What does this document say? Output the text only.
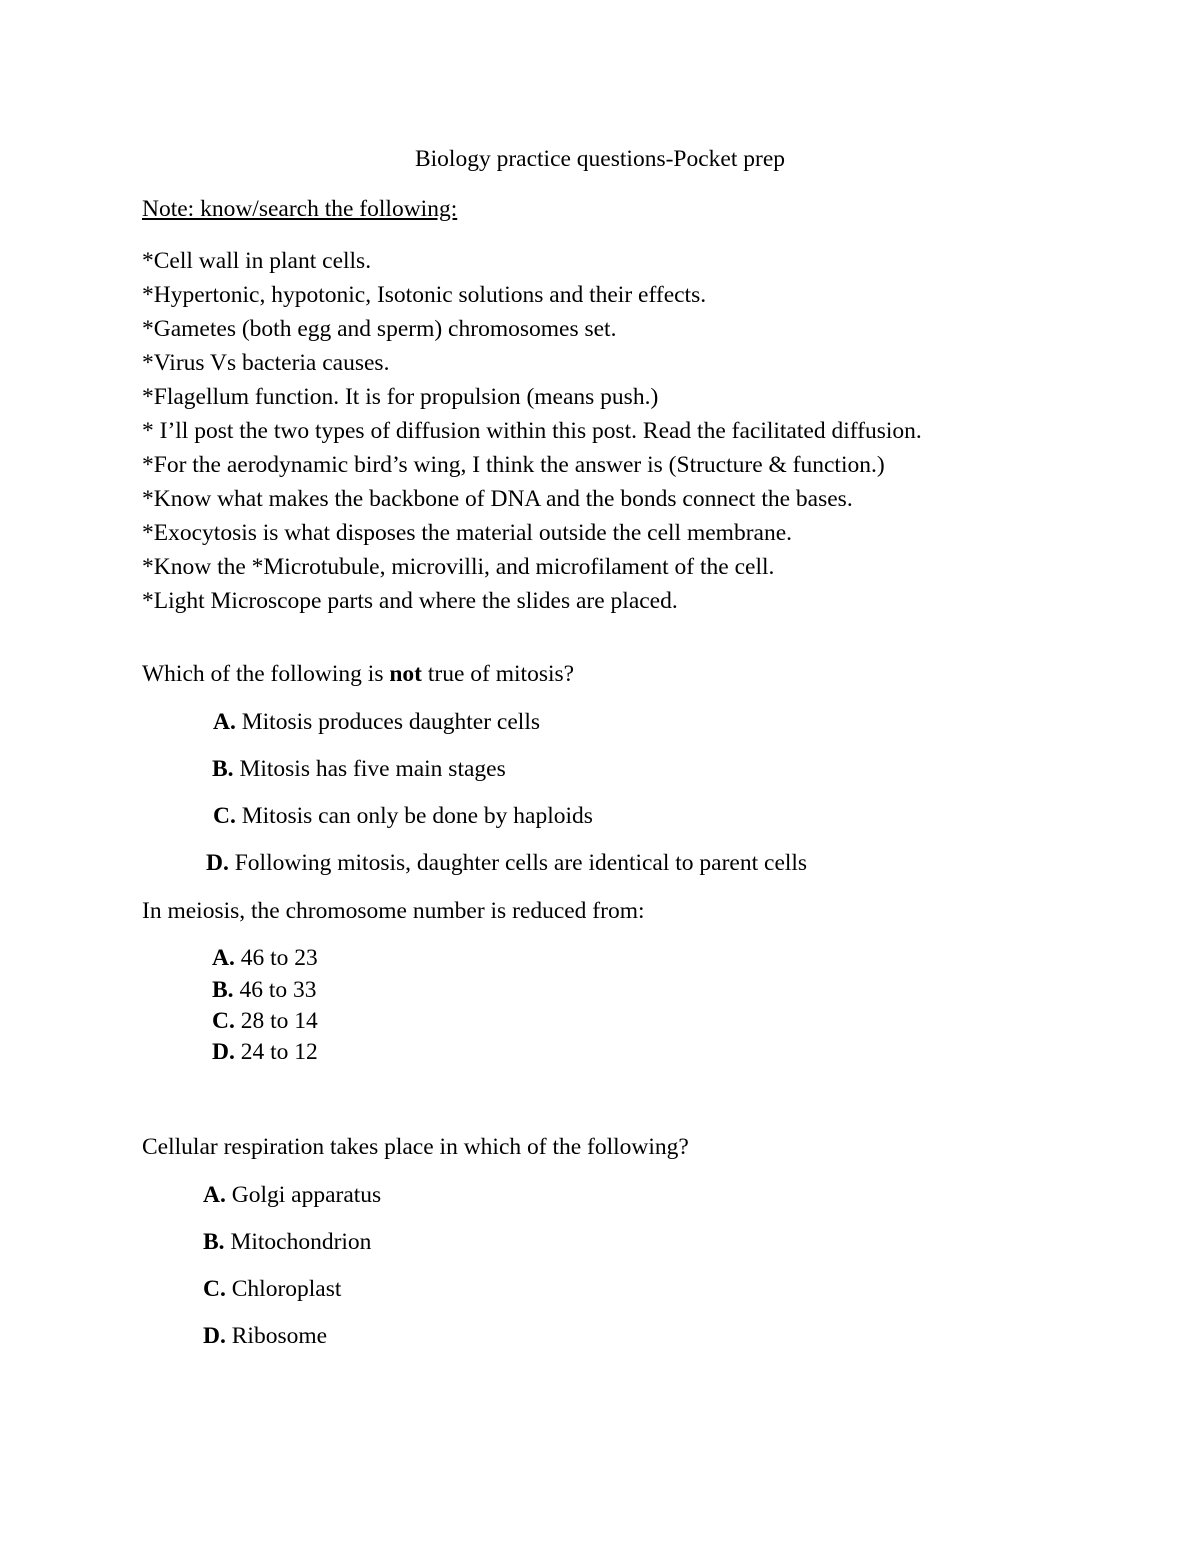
Biology practice questions-Pocket prep
Note: know/search the following:
*Cell wall in plant cells.
*Hypertonic, hypotonic, Isotonic solutions and their effects.
*Gametes (both egg and sperm) chromosomes set.
*Virus Vs bacteria causes.
*Flagellum function. It is for propulsion (means push.)
* I’ll post the two types of diffusion within this post. Read the facilitated diffusion.
*For the aerodynamic bird’s wing, I think the answer is (Structure & function.)
*Know what makes the backbone of DNA and the bonds connect the bases.
*Exocytosis is what disposes the material outside the cell membrane.
*Know the *Microtubule, microvilli, and microfilament of the cell.
*Light Microscope parts and where the slides are placed.
Which of the following is not true of mitosis?
A. Mitosis produces daughter cells
B. Mitosis has five main stages
C. Mitosis can only be done by haploids
D. Following mitosis, daughter cells are identical to parent cells
In meiosis, the chromosome number is reduced from:
A. 46 to 23
B. 46 to 33
C. 28 to 14
D. 24 to 12
Cellular respiration takes place in which of the following?
A. Golgi apparatus
B. Mitochondrion
C. Chloroplast
D. Ribosome
